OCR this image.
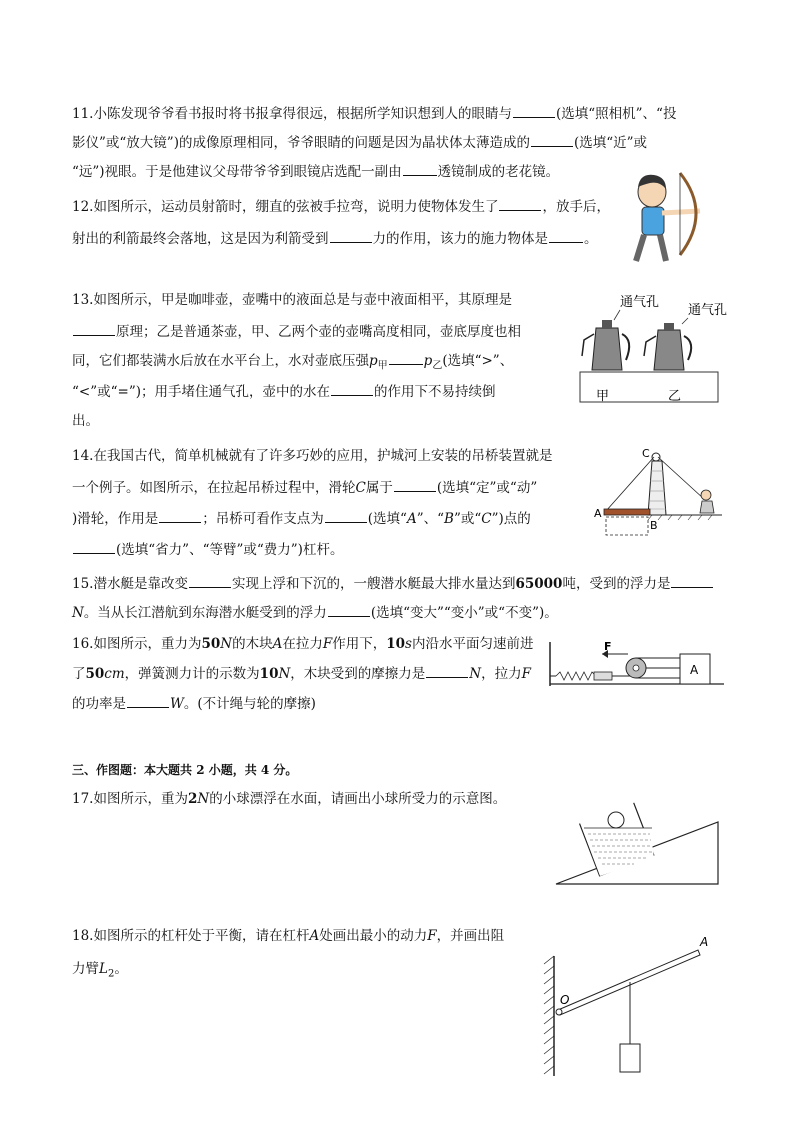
11.小陈发现爷爷看书报时将书报拿得很远，根据所学知识想到人的眼睛与	(选填“照相机”、“投
影仪”或“放大镜”)的成像原理相同，爷爷眼睛的问题是因为晶状体太薄造成的	(选填“近”或
“远”)视眼。于是他建议父母带爷爷到眼镜店选配一副由	透镜制成的老花镜。
12.如图所示，运动员射箭时，绷直的弦被手拉弯，说明力使物体发生了	，放手后，
射出的利箭最终会落地，这是因为利箭受到	力的作用，该力的施力物体是	。
13.如图所示，甲是咖啡壶，壶嘴中的液面总是与壶中液面相平，其原理是
原理；乙是普通茶壶，甲、乙两个壶的壶嘴高度相同，壶底厚度也相
同，它们都装满水后放在水平台上，水对壶底压强$p_甲$	$p_乙$(选填“>”、
“<”或“=”)；用手堵住通气孔，壶中的水在	的作用下不易持续倒
出。
通气孔
通气孔
甲	乙
14.在我国古代，简单机械就有了许多巧妙的应用，护城河上安装的吊桥装置就是
一个例子。如图所示，在拉起吊桥过程中，滑轮C属于	(选填“定”或“动”
)滑轮，作用是	；吊桥可看作支点为	(选填“A”、“B”或“C”)点的
(选填“省力”、“等臂”或“费力”)杠杆。
C
A
B
15.潜水艇是靠改变	实现上浮和下沉的，一艘潜水艇最大排水量达到65000吨，受到的浮力是
N。当从长江潜航到东海潜水艇受到的浮力	(选填“变大”“变小”或“不变”)。
16.如图所示，重力为50N的木块A在拉力F作用下，10s内沿水平面匀速前进
了50cm，弹簧测力计的示数为10N，木块受到的摩擦力是	N，拉力F
的功率是	W。(不计绳与轮的摩擦)
F
A
三、作图题：本大题共 2 小题，共 4 分。
17.如图所示，重为2N的小球漂浮在水面，请画出小球所受力的示意图。
18.如图所示的杠杆处于平衡，请在杠杆A处画出最小的动力F，并画出阻
力臂$L_2$。
O
A
